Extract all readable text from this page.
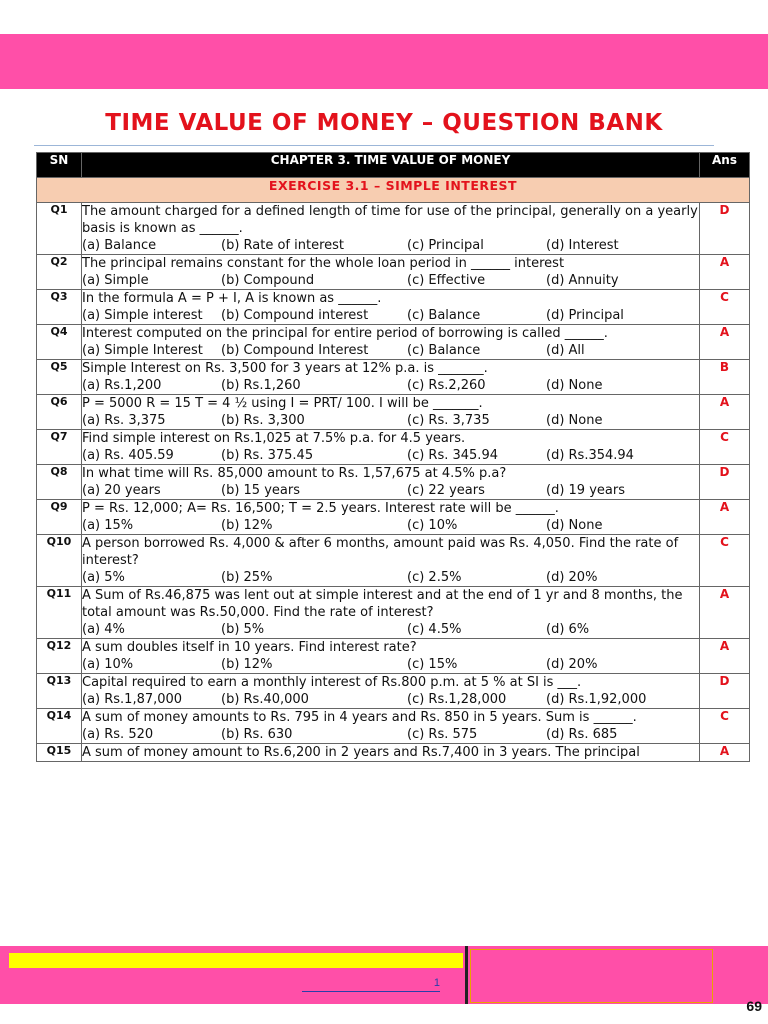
TIME VALUE OF MONEY – QUESTION BANK
SN	CHAPTER 3. TIME VALUE OF MONEY	Ans
EXERCISE 3.1 – SIMPLE INTEREST		
Q1	The amount charged for a defined length of time for use of the principal, generally on a yearly basis is known as ______.
(a) Balance (b) Rate of interest (c) Principal (d) Interest	D
Q2	The principal remains constant for the whole loan period in ______ interest
(a) Simple (b) Compound (c) Effective (d) Annuity	A
Q3	In the formula A = P + I, A is known as ______.
(a) Simple interest (b) Compound interest (c) Balance (d) Principal	C
Q4	Interest computed on the principal for entire period of borrowing is called ______.
(a) Simple Interest (b) Compound Interest (c) Balance (d) All	A
Q5	Simple Interest on Rs. 3,500 for 3 years at 12% p.a. is _______.
(a) Rs.1,200 (b) Rs.1,260 (c) Rs.2,260 (d) None	B
Q6	P = 5000 R = 15 T = 4 ½ using I = PRT/ 100. I will be _______.
(a) Rs. 3,375 (b) Rs. 3,300 (c) Rs. 3,735 (d) None	A
Q7	Find simple interest on Rs.1,025 at 7.5% p.a. for 4.5 years.
(a) Rs. 405.59 (b) Rs. 375.45 (c) Rs. 345.94 (d) Rs.354.94	C
Q8	In what time will Rs. 85,000 amount to Rs. 1,57,675 at 4.5% p.a?
(a) 20 years (b) 15 years (c) 22 years (d) 19 years	D
Q9	P = Rs. 12,000; A= Rs. 16,500; T = 2.5 years. Interest rate will be ______.
(a) 15% (b) 12% (c) 10% (d) None	A
Q10	A person borrowed Rs. 4,000 & after 6 months, amount paid was Rs. 4,050. Find the rate of interest?
(a) 5% (b) 25% (c) 2.5% (d) 20%	C
Q11	A Sum of Rs.46,875 was lent out at simple interest and at the end of 1 yr and 8 months, the total amount was Rs.50,000. Find the rate of interest?
(a) 4% (b) 5% (c) 4.5% (d) 6%	A
Q12	A sum doubles itself in 10 years. Find interest rate?
(a) 10% (b) 12% (c) 15% (d) 20%	A
Q13	Capital required to earn a monthly interest of Rs.800 p.m. at 5 % at SI is ___.
(a) Rs.1,87,000 (b) Rs.40,000 (c) Rs.1,28,000 (d) Rs.1,92,000	D
Q14	A sum of money amounts to Rs. 795 in 4 years and Rs. 850 in 5 years. Sum is ______.
(a) Rs. 520 (b) Rs. 630 (c) Rs. 575 (d) Rs. 685	C
Q15	A sum of money amount to Rs.6,200 in 2 years and Rs.7,400 in 3 years. The principal	A
1
69
